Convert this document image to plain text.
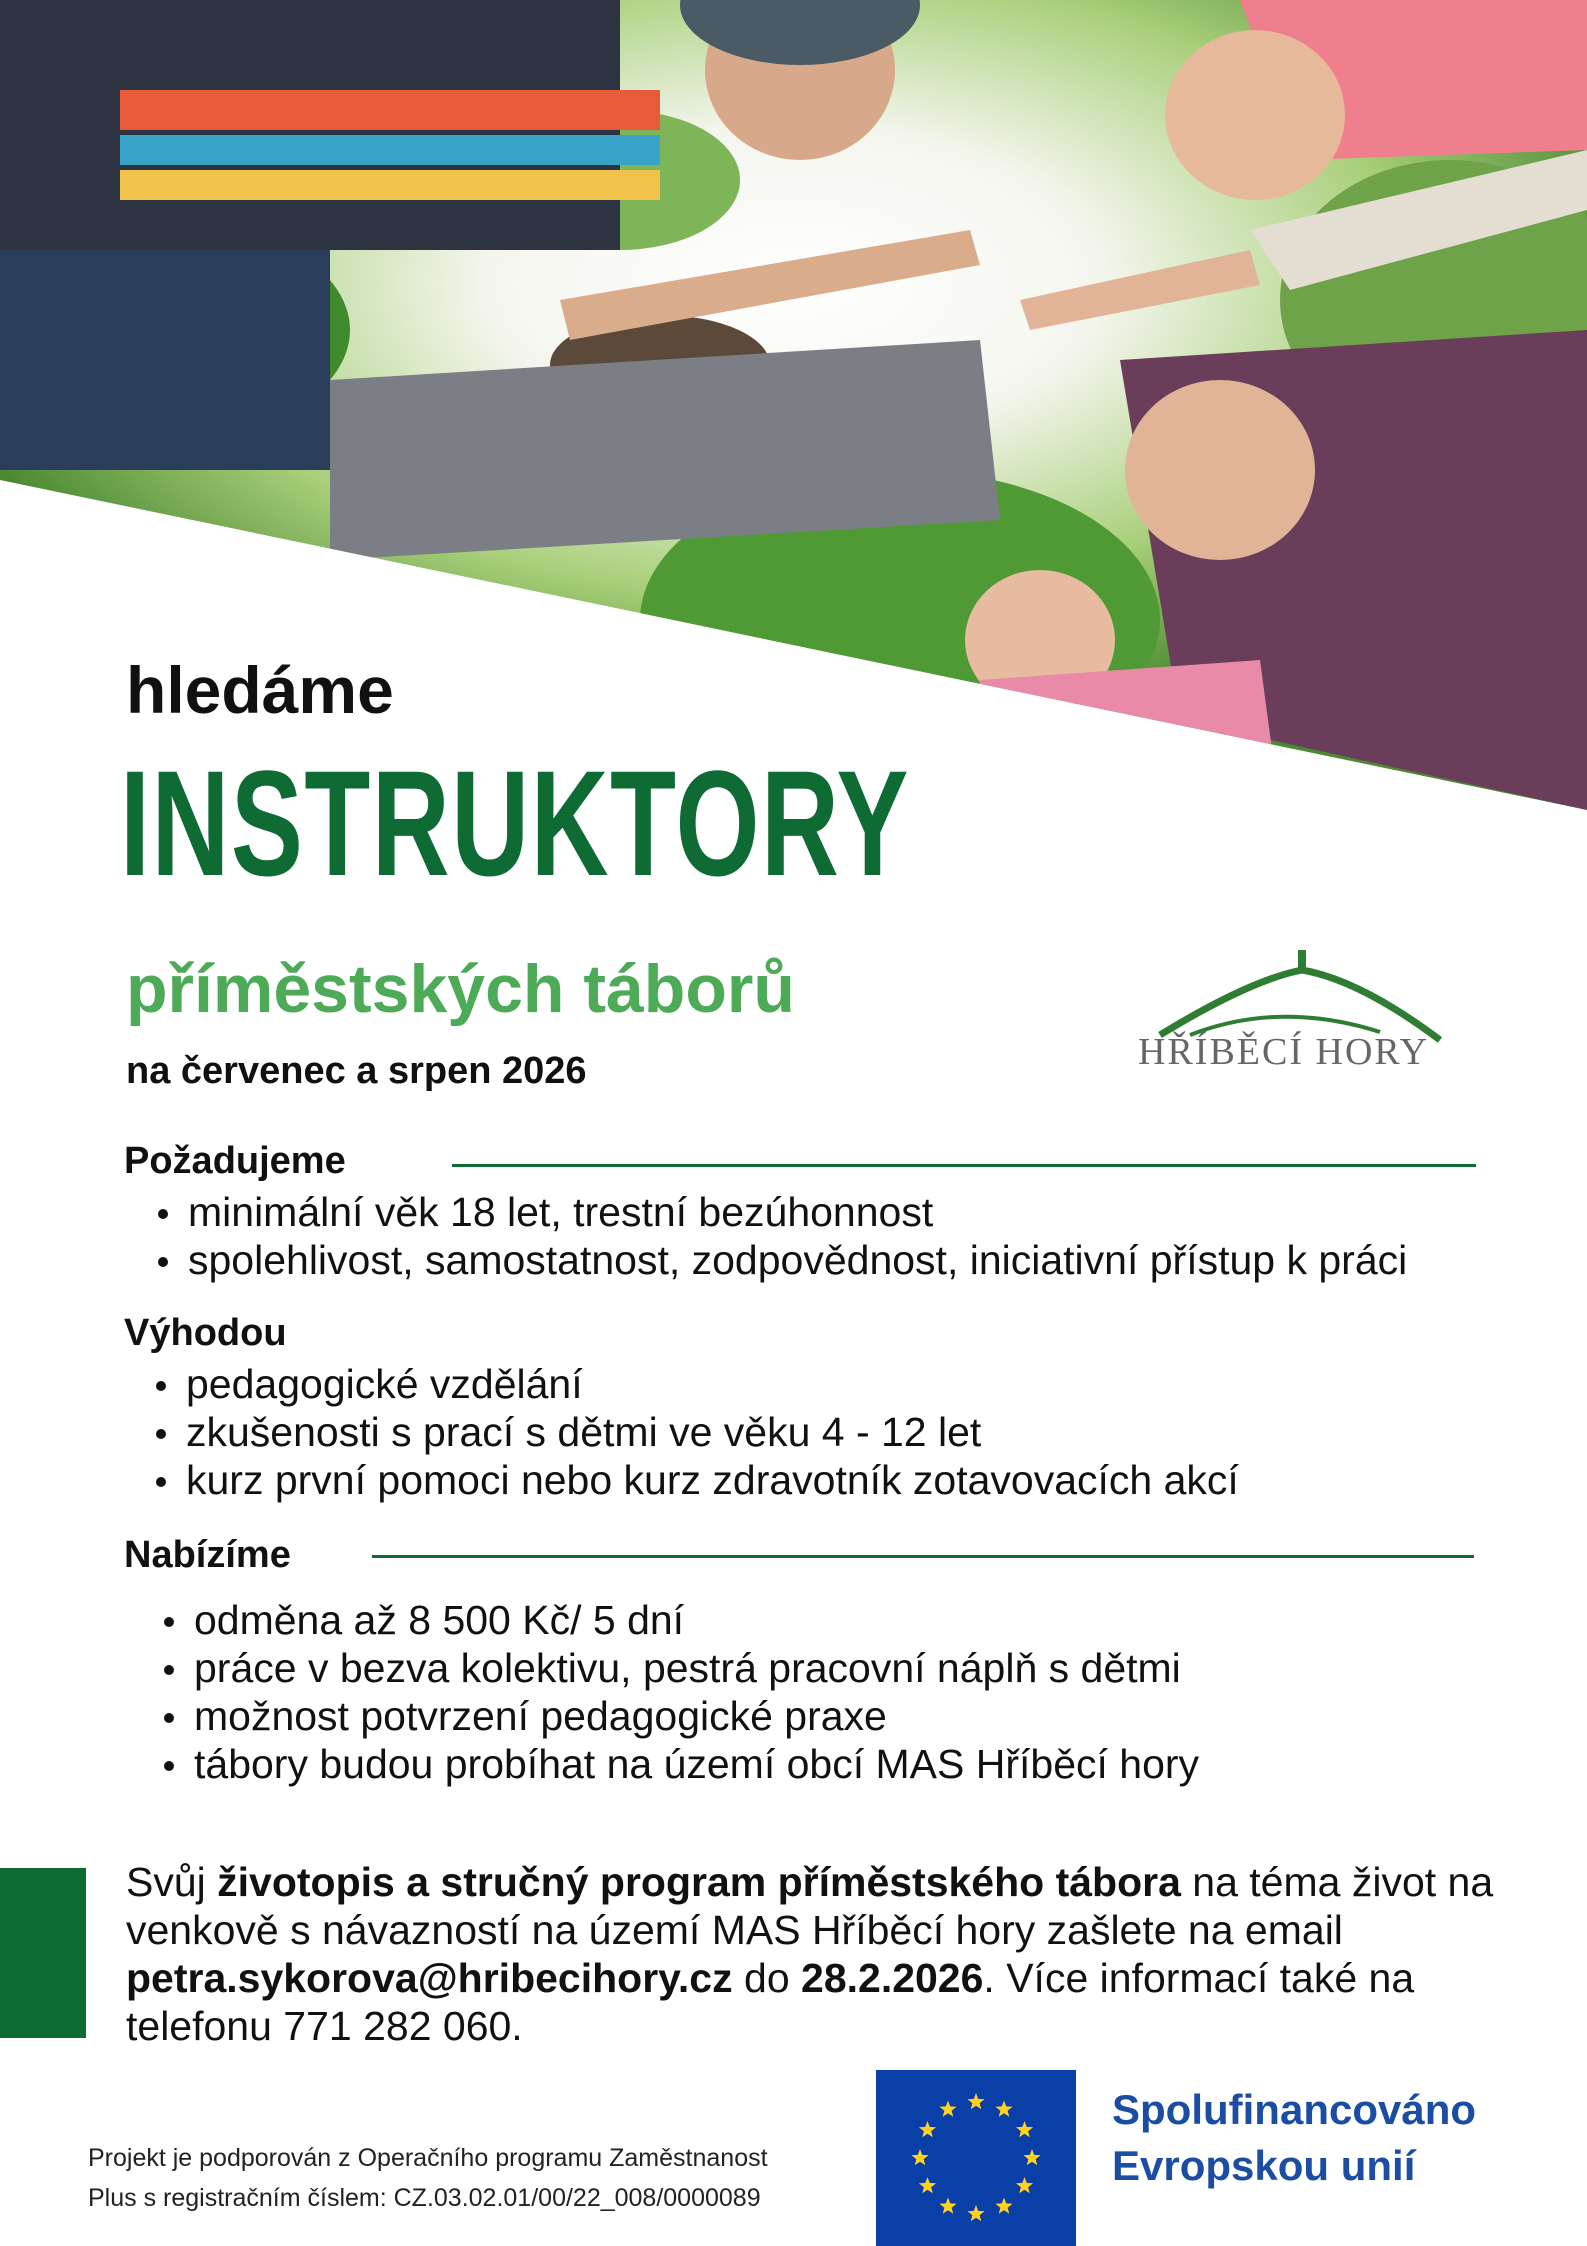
hledáme
INSTRUKTORY
příměstských táborů
na červenec a srpen 2026	HŘÍBĚCÍ HORY
Požadujeme
minimální věk 18 let, trestní bezúhonnost
spolehlivost, samostatnost, zodpovědnost, iniciativní přístup k práci
Výhodou
pedagogické vzdělání
zkušenosti s prací s dětmi ve věku 4 - 12 let
kurz první pomoci nebo kurz zdravotník zotavovacích akcí
Nabízíme
odměna až 8 500 Kč/ 5 dní
práce v bezva kolektivu, pestrá pracovní náplň s dětmi
možnost potvrzení pedagogické praxe
tábory budou probíhat na území obcí MAS Hříběcí hory
Svůj životopis a stručný program příměstského tábora na téma život na venkově s návazností na území MAS Hříběcí hory zašlete na email petra.sykorova@hribecihory.cz do 28.2.2026. Více informací také na telefonu 771 282 060.
Projekt je podporován z Operačního programu Zaměstnanost
Plus s registračním číslem: CZ.03.02.01/00/22_008/0000089
Spolufinancováno
Evropskou unií
